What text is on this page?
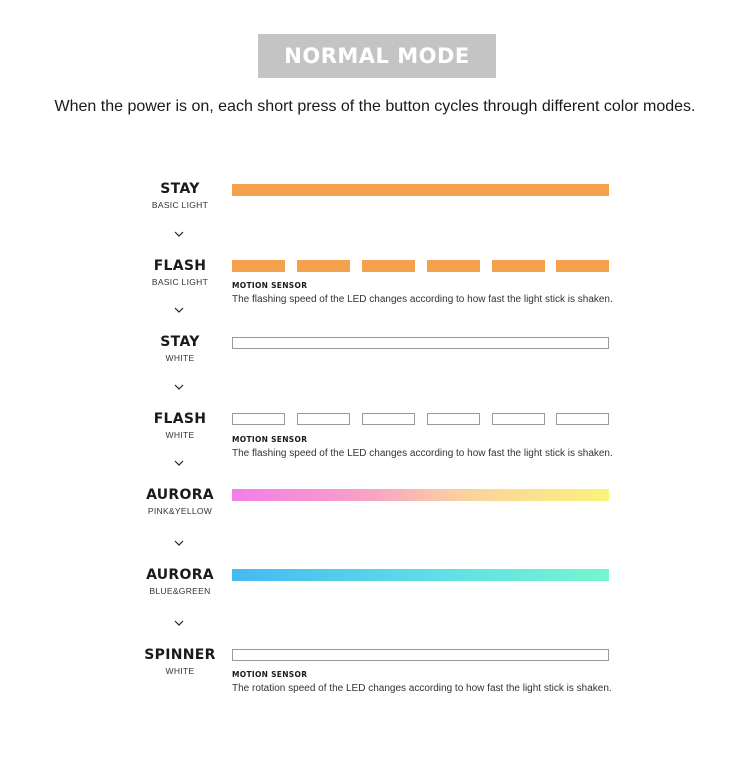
NORMAL MODE
When the power is on, each short press of the button cycles through different color modes.
STAY
BASIC LIGHT
FLASH
BASIC LIGHT	MOTION SENSOR
The flashing speed of the LED changes according to how fast the light stick is shaken.
STAY
WHITE
FLASH
WHITE	MOTION SENSOR
The flashing speed of the LED changes according to how fast the light stick is shaken.
AURORA
PINK&YELLOW
AURORA
BLUE&GREEN
SPINNER
WHITE	MOTION SENSOR
The rotation speed of the LED changes according to how fast the light stick is shaken.
